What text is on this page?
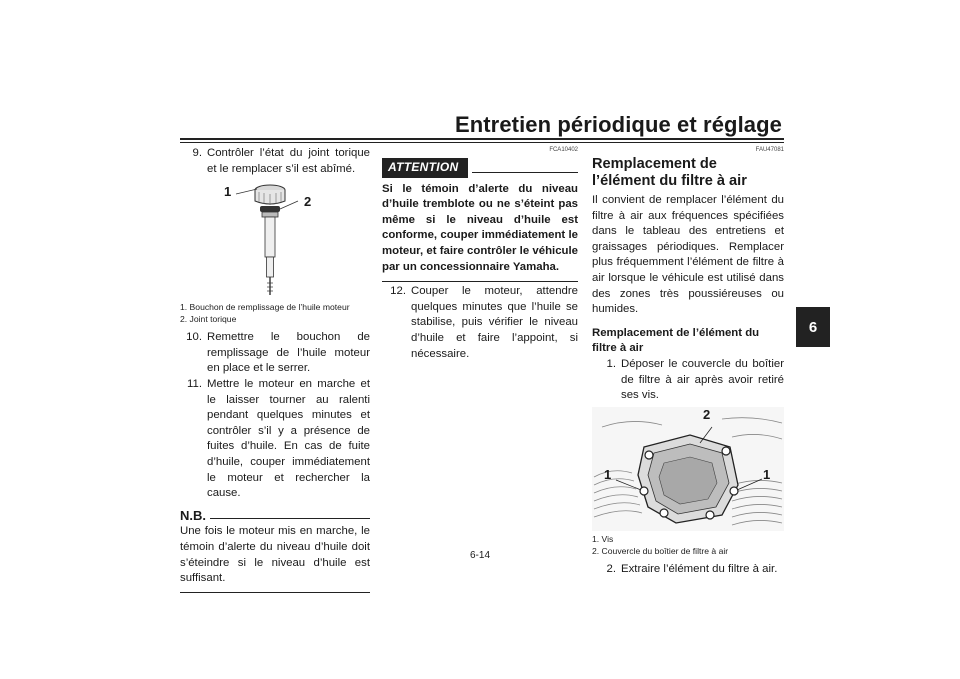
Entretien périodique et réglage
6
9. Contrôler l’état du joint torique et le remplacer s’il est abîmé.
1
2
1. Bouchon de remplissage de l’huile moteur
2. Joint torique
10. Remettre le bouchon de remplissage de l’huile moteur en place et le serrer.
11. Mettre le moteur en marche et le laisser tourner au ralenti pendant quelques minutes et contrôler s’il y a présence de fuites d’huile. En cas de fuite d’huile, couper immédiatement le moteur et rechercher la cause.
N.B.
Une fois le moteur mis en marche, le témoin d’alerte du niveau d’huile doit s’éteindre si le niveau d’huile est suffisant.
FCA10402
ATTENTION
Si le témoin d’alerte du niveau d’huile tremblote ou ne s’éteint pas même si le niveau d’huile est conforme, couper immédiatement le moteur, et faire contrôler le véhicule par un concessionnaire Yamaha.
12. Couper le moteur, attendre quelques minutes que l’huile se stabilise, puis vérifier le niveau d’huile et faire l’appoint, si nécessaire.
FAU47081
Remplacement de l’élément du filtre à air
Il convient de remplacer l’élément du filtre à air aux fréquences spécifiées dans le tableau des entretiens et graissages périodiques. Remplacer plus fréquemment l’élément de filtre à air lorsque le véhicule est utilisé dans des zones très poussiéreuses ou humides.
Remplacement de l’élément du filtre à air
1. Déposer le couvercle du boîtier de filtre à air après avoir retiré ses vis.
2
1	1
1. Vis
2. Couvercle du boîtier de filtre à air
2. Extraire l’élément du filtre à air.
6-14
